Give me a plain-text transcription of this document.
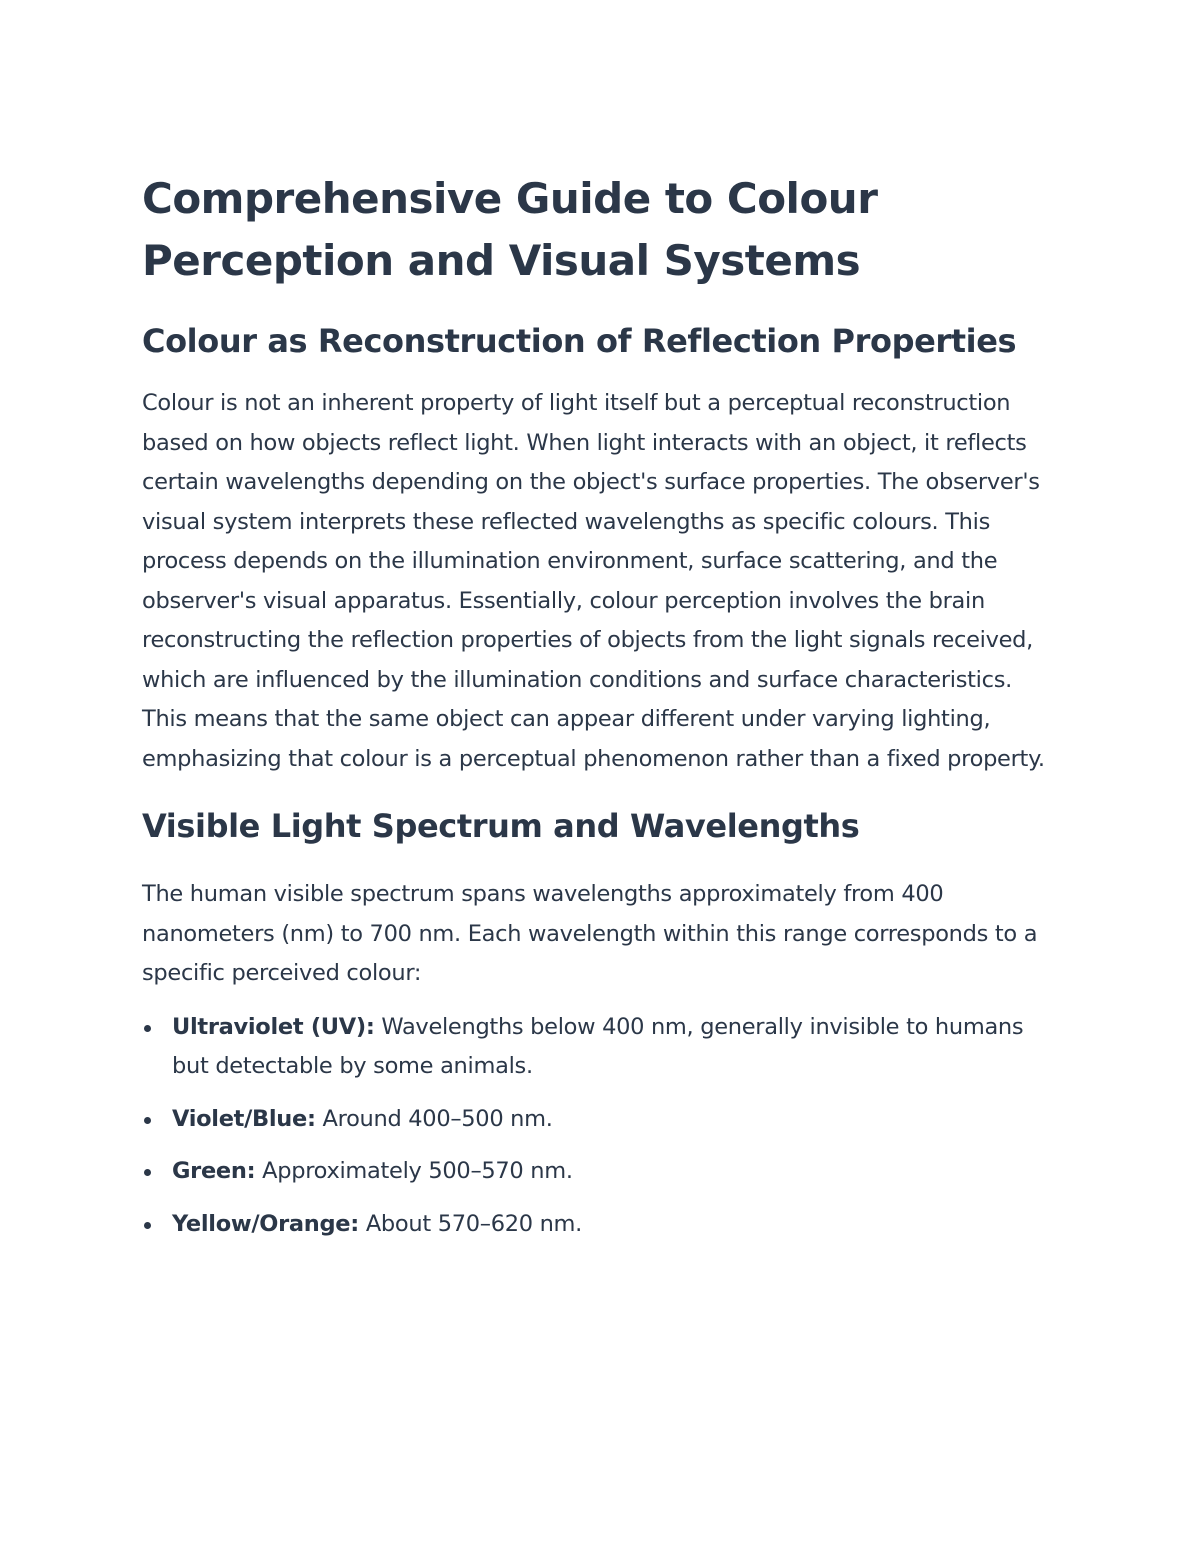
Comprehensive Guide to Colour Perception and Visual Systems
Colour as Reconstruction of Reflection Properties

Colour is not an inherent property of light itself but a perceptual reconstruction based on how objects reflect light. When light interacts with an object, it reflects certain wavelengths depending on the object's surface properties. The observer's visual system interprets these reflected wavelengths as specific colours. This process depends on the illumination environment, surface scattering, and the observer's visual apparatus. Essentially, colour perception involves the brain reconstructing the reflection properties of objects from the light signals received, which are influenced by the illumination conditions and surface characteristics. This means that the same object can appear different under varying lighting, emphasizing that colour is a perceptual phenomenon rather than a fixed property.

Visible Light Spectrum and Wavelengths

The human visible spectrum spans wavelengths approximately from 400 nanometers (nm) to 700 nm. Each wavelength within this range corresponds to a specific perceived colour:

Ultraviolet (UV): Wavelengths below 400 nm, generally invisible to humans but detectable by some animals.
Violet/Blue: Around 400–500 nm.
Green: Approximately 500–570 nm.
Yellow/Orange: About 570–620 nm.
